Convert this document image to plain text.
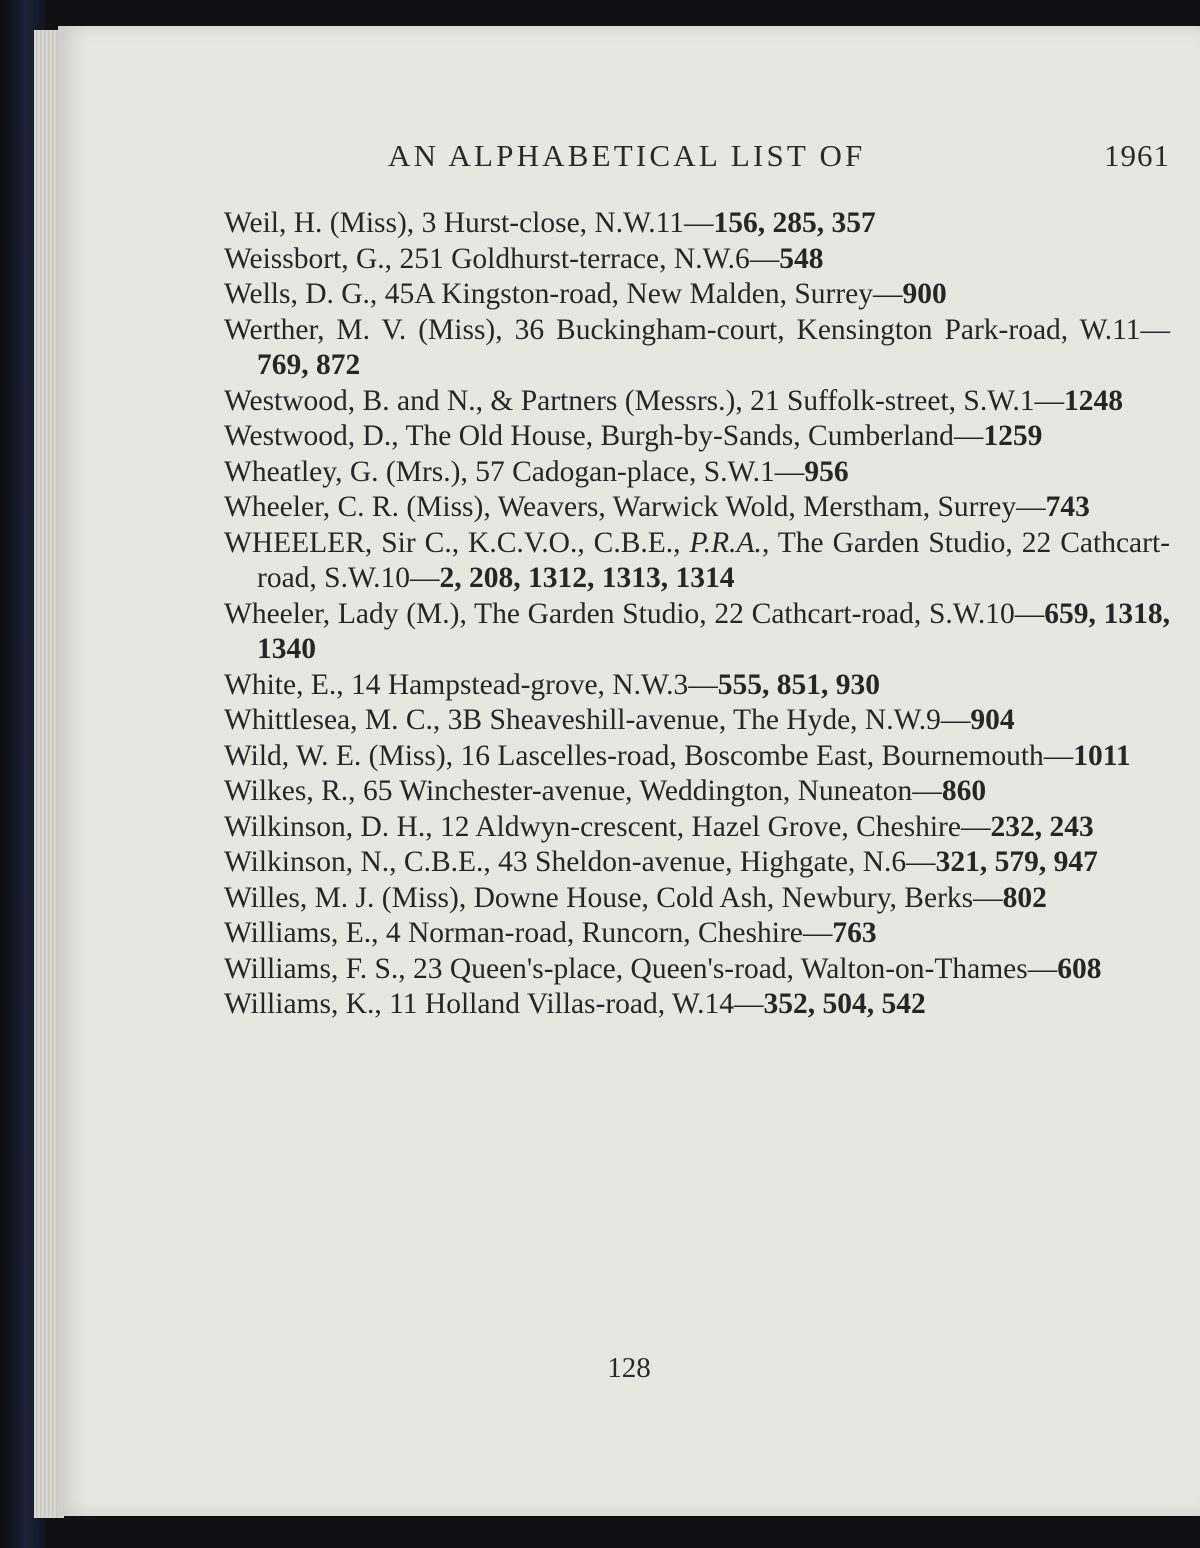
AN ALPHABETICAL LIST OF	1961
Weil, H. (Miss), 3 Hurst-close, N.W.11—156, 285, 357
Weissbort, G., 251 Goldhurst-terrace, N.W.6—548
Wells, D. G., 45A Kingston-road, New Malden, Surrey—900
Werther, M. V. (Miss), 36 Buckingham-court, Kensington Park-road, W.11—769, 872
Westwood, B. and N., & Partners (Messrs.), 21 Suffolk-street, S.W.1—1248
Westwood, D., The Old House, Burgh-by-Sands, Cumberland—1259
Wheatley, G. (Mrs.), 57 Cadogan-place, S.W.1—956
Wheeler, C. R. (Miss), Weavers, Warwick Wold, Merstham, Surrey—743
WHEELER, Sir C., K.C.V.O., C.B.E., P.R.A., The Garden Studio, 22 Cathcart-road, S.W.10—2, 208, 1312, 1313, 1314
Wheeler, Lady (M.), The Garden Studio, 22 Cathcart-road, S.W.10—659, 1318, 1340
White, E., 14 Hampstead-grove, N.W.3—555, 851, 930
Whittlesea, M. C., 3B Sheaveshill-avenue, The Hyde, N.W.9—904
Wild, W. E. (Miss), 16 Lascelles-road, Boscombe East, Bournemouth—1011
Wilkes, R., 65 Winchester-avenue, Weddington, Nuneaton—860
Wilkinson, D. H., 12 Aldwyn-crescent, Hazel Grove, Cheshire—232, 243
Wilkinson, N., C.B.E., 43 Sheldon-avenue, Highgate, N.6—321, 579, 947
Willes, M. J. (Miss), Downe House, Cold Ash, Newbury, Berks—802
Williams, E., 4 Norman-road, Runcorn, Cheshire—763
Williams, F. S., 23 Queen's-place, Queen's-road, Walton-on-Thames—608
Williams, K., 11 Holland Villas-road, W.14—352, 504, 542
128
